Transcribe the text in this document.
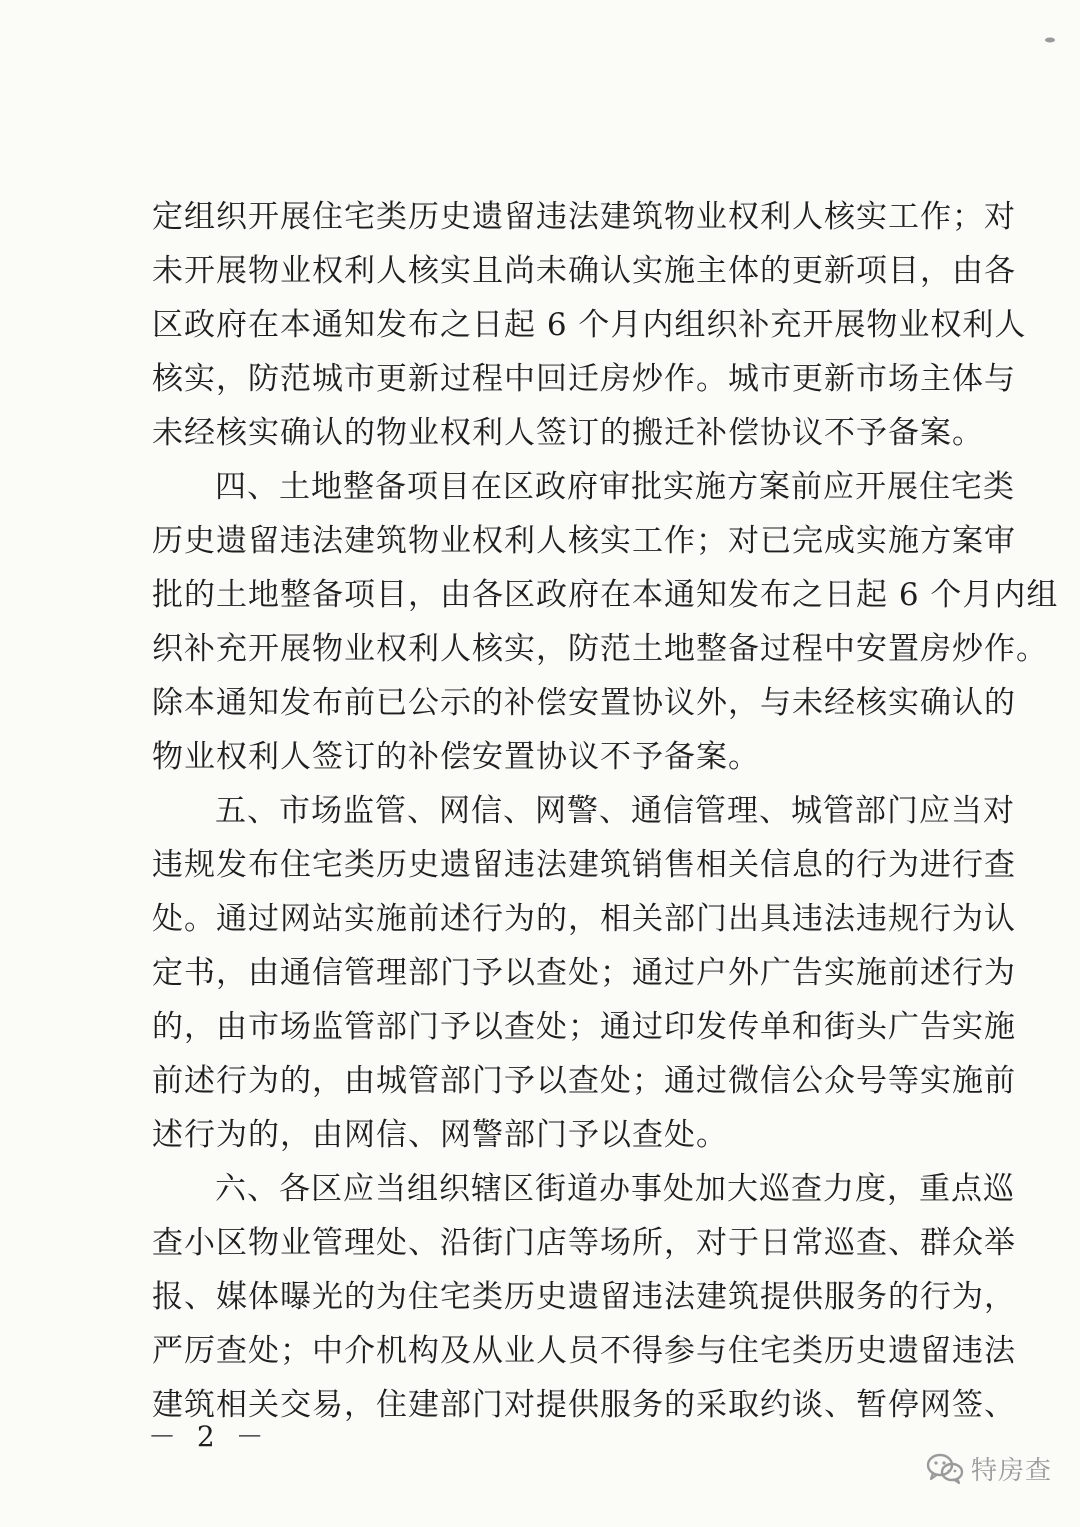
定组织开展住宅类历史遗留违法建筑物业权利人核实工作；对
未开展物业权利人核实且尚未确认实施主体的更新项目，由各
区政府在本通知发布之日起 6 个月内组织补充开展物业权利人
核实，防范城市更新过程中回迁房炒作。城市更新市场主体与
未经核实确认的物业权利人签订的搬迁补偿协议不予备案。
四、土地整备项目在区政府审批实施方案前应开展住宅类
历史遗留违法建筑物业权利人核实工作；对已完成实施方案审
批的土地整备项目，由各区政府在本通知发布之日起 6 个月内组
织补充开展物业权利人核实，防范土地整备过程中安置房炒作。
除本通知发布前已公示的补偿安置协议外，与未经核实确认的
物业权利人签订的补偿安置协议不予备案。
五、市场监管、网信、网警、通信管理、城管部门应当对
违规发布住宅类历史遗留违法建筑销售相关信息的行为进行查
处。通过网站实施前述行为的，相关部门出具违法违规行为认
定书，由通信管理部门予以查处；通过户外广告实施前述行为
的，由市场监管部门予以查处；通过印发传单和街头广告实施
前述行为的，由城管部门予以查处；通过微信公众号等实施前
述行为的，由网信、网警部门予以查处。
六、各区应当组织辖区街道办事处加大巡查力度，重点巡
查小区物业管理处、沿街门店等场所，对于日常巡查、群众举
报、媒体曝光的为住宅类历史遗留违法建筑提供服务的行为，
严厉查处；中介机构及从业人员不得参与住宅类历史遗留违法
建筑相关交易，住建部门对提供服务的采取约谈、暂停网签、
－ 2 －
特房查
